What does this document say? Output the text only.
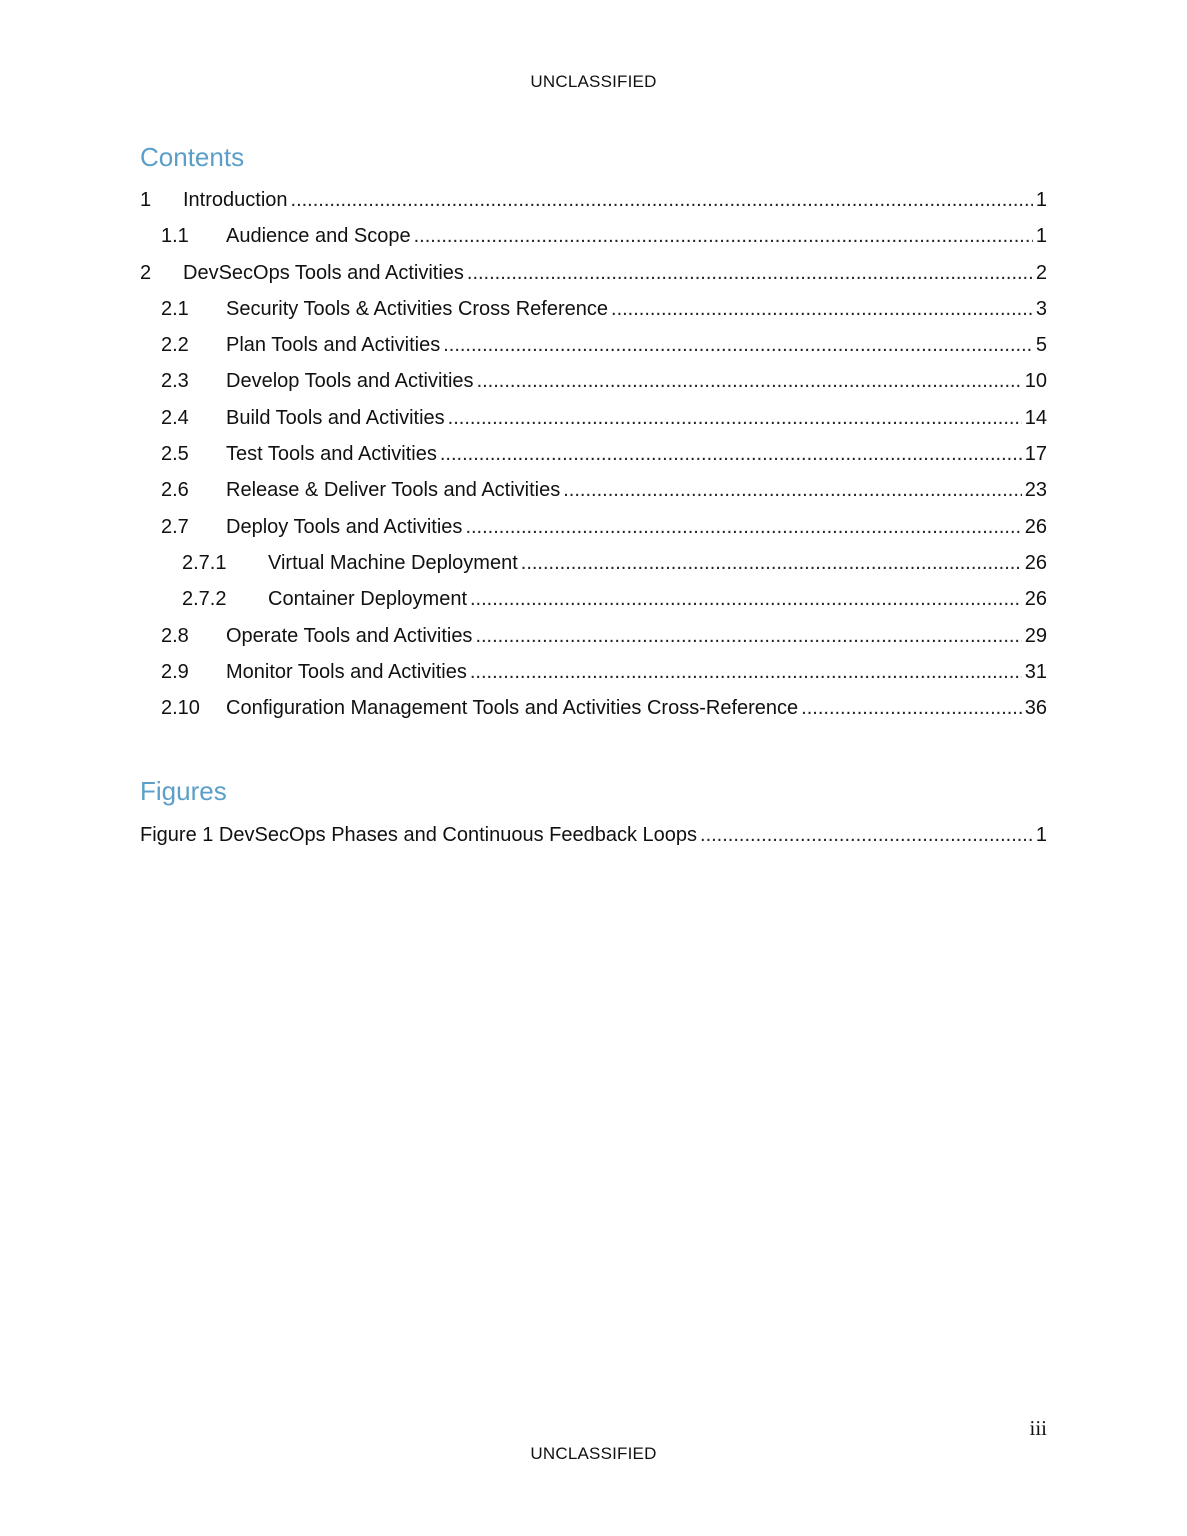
UNCLASSIFIED
Contents
1 Introduction .....	1
1.1 Audience and Scope .....	1
2 DevSecOps Tools and Activities .....	2
2.1 Security Tools & Activities Cross Reference .....	3
2.2 Plan Tools and Activities .....	5
2.3 Develop Tools and Activities .....	10
2.4 Build Tools and Activities .....	14
2.5 Test Tools and Activities .....	17
2.6 Release & Deliver Tools and Activities .....	23
2.7 Deploy Tools and Activities .....	26
2.7.1 Virtual Machine Deployment .....	26
2.7.2 Container Deployment .....	26
2.8 Operate Tools and Activities .....	29
2.9 Monitor Tools and Activities .....	31
2.10 Configuration Management Tools and Activities Cross-Reference .....	36
Figures
Figure 1 DevSecOps Phases and Continuous Feedback Loops .....	1
iii
UNCLASSIFIED
